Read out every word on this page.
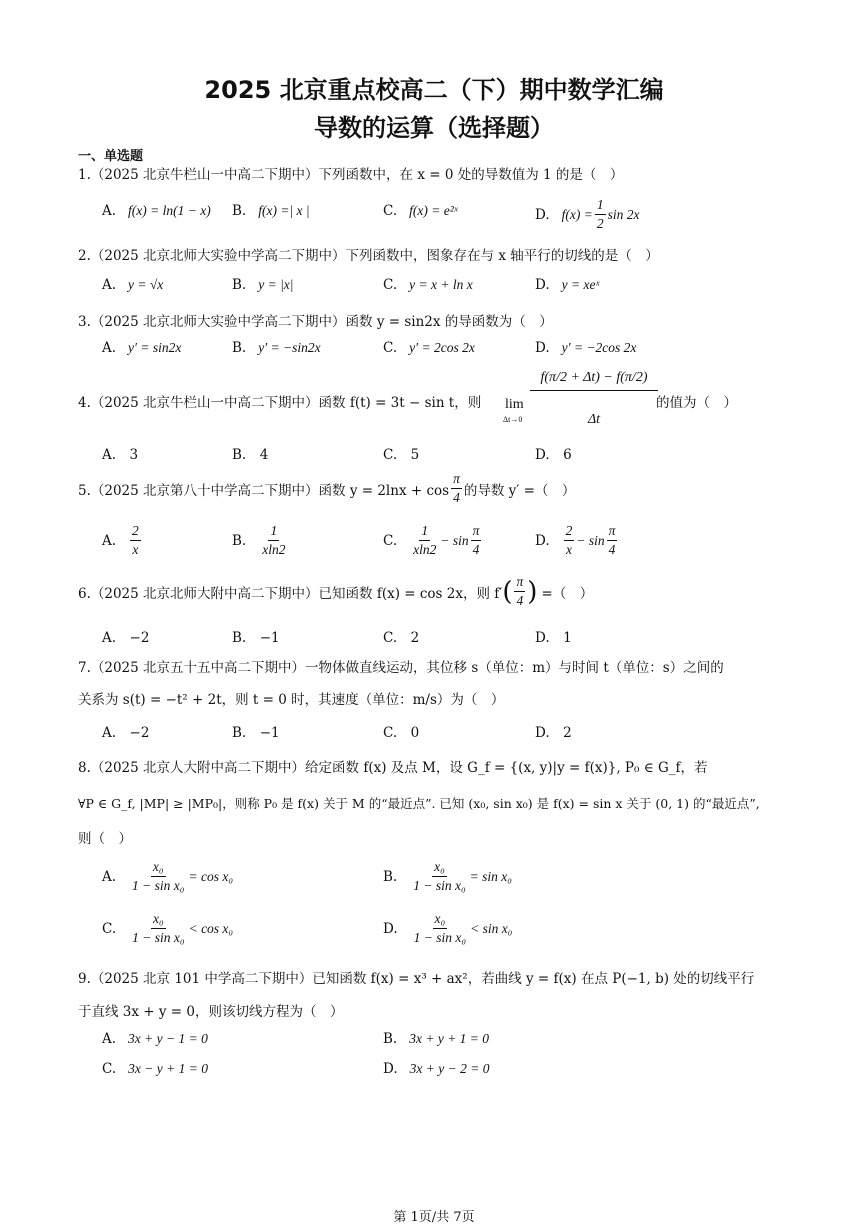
2025 北京重点校高二（下）期中数学汇编
导数的运算（选择题）
一、单选题
1.（2025 北京牛栏山一中高二下期中）下列函数中，在 x = 0 处的导数值为 1 的是（　）
A. f(x) = ln(1 − x) B. f(x) =| x |	C. f(x) = e²ˣ	D. $f(x) = \frac{1}{2}$ sin 2x
2.（2025 北京北师大实验中学高二下期中）下列函数中，图象存在与 x 轴平行的切线的是（　）
A. y = √x	B. y = |x|	C. y = x + ln x	D. y = xeˣ
3.（2025 北京北师大实验中学高二下期中）函数 y = sin2x 的导函数为（　）
A. y′ = sin2x	B. y′ = −sin2x	C. y′ = 2cos 2x	D. y′ = −2cos 2x
4.（2025 北京牛栏山一中高二下期中）函数 f(t) = 3t − sin t，则 lim
Δt→0
f(π/2 + Δt) − f(π/2)
Δt
的值为（　）
A.　3	B.　4	C.　5	D.　6
5.（2025 北京第八十中学高二下期中）函数 $y = 2\ln x + \cos \frac{\pi}{4}$ 的导数 y′ =（　）
A. $\frac{2}{x}$	B. $\frac{1}{xln2}$	C. $\frac{1}{xln2} - \sin \frac{\pi}{4}$	D. $\frac{2}{x} - \sin \frac{\pi}{4}$
6.（2025 北京北师大附中高二下期中）已知函数 f(x) = cos 2x，则 f′ ( $\frac{\pi}{4}$ ) =（　）
A.　−2	B.　−1	C.　2	D.　1
7.（2025 北京五十五中高二下期中）一物体做直线运动，其位移 s（单位：m）与时间 t（单位：s）之间的
关系为 s(t) = −t² + 2t，则 t = 0 时，其速度（单位：m/s）为（　）
A.　−2	B.　−1	C.　0	D.　2
8.（2025 北京人大附中高二下期中）给定函数 f(x) 及点 M，设 G_f = {(x, y)|y = f(x)}, P₀ ∈ G_f，若
∀P ∈ G_f, |MP| ≥ |MP₀|，则称 P₀ 是 f(x) 关于 M 的“最近点”. 已知 (x₀, sin x₀) 是 f(x) = sin x 关于 (0, 1) 的“最近点”,
则（　）
A. $\frac{\text{x₀}}{\text{1 − sin x₀}} = \cos x_0$	B. $\frac{\text{x₀}}{\text{1 − sin x₀}} = \sin x_0$
C. $\frac{\text{x₀}}{\text{1 − sin x₀}} < \cos x_0$	D. $\frac{\text{x₀}}{\text{1 − sin x₀}} < \sin x_0$
9.（2025 北京 101 中学高二下期中）已知函数 f(x) = x³ + ax²，若曲线 y = f(x) 在点 P(−1, b) 处的切线平行
于直线 3x + y = 0，则该切线方程为（　）
A. 3x + y − 1 = 0	B. 3x + y + 1 = 0
C. 3x − y + 1 = 0	D. 3x + y − 2 = 0
第 1页/共 7页
